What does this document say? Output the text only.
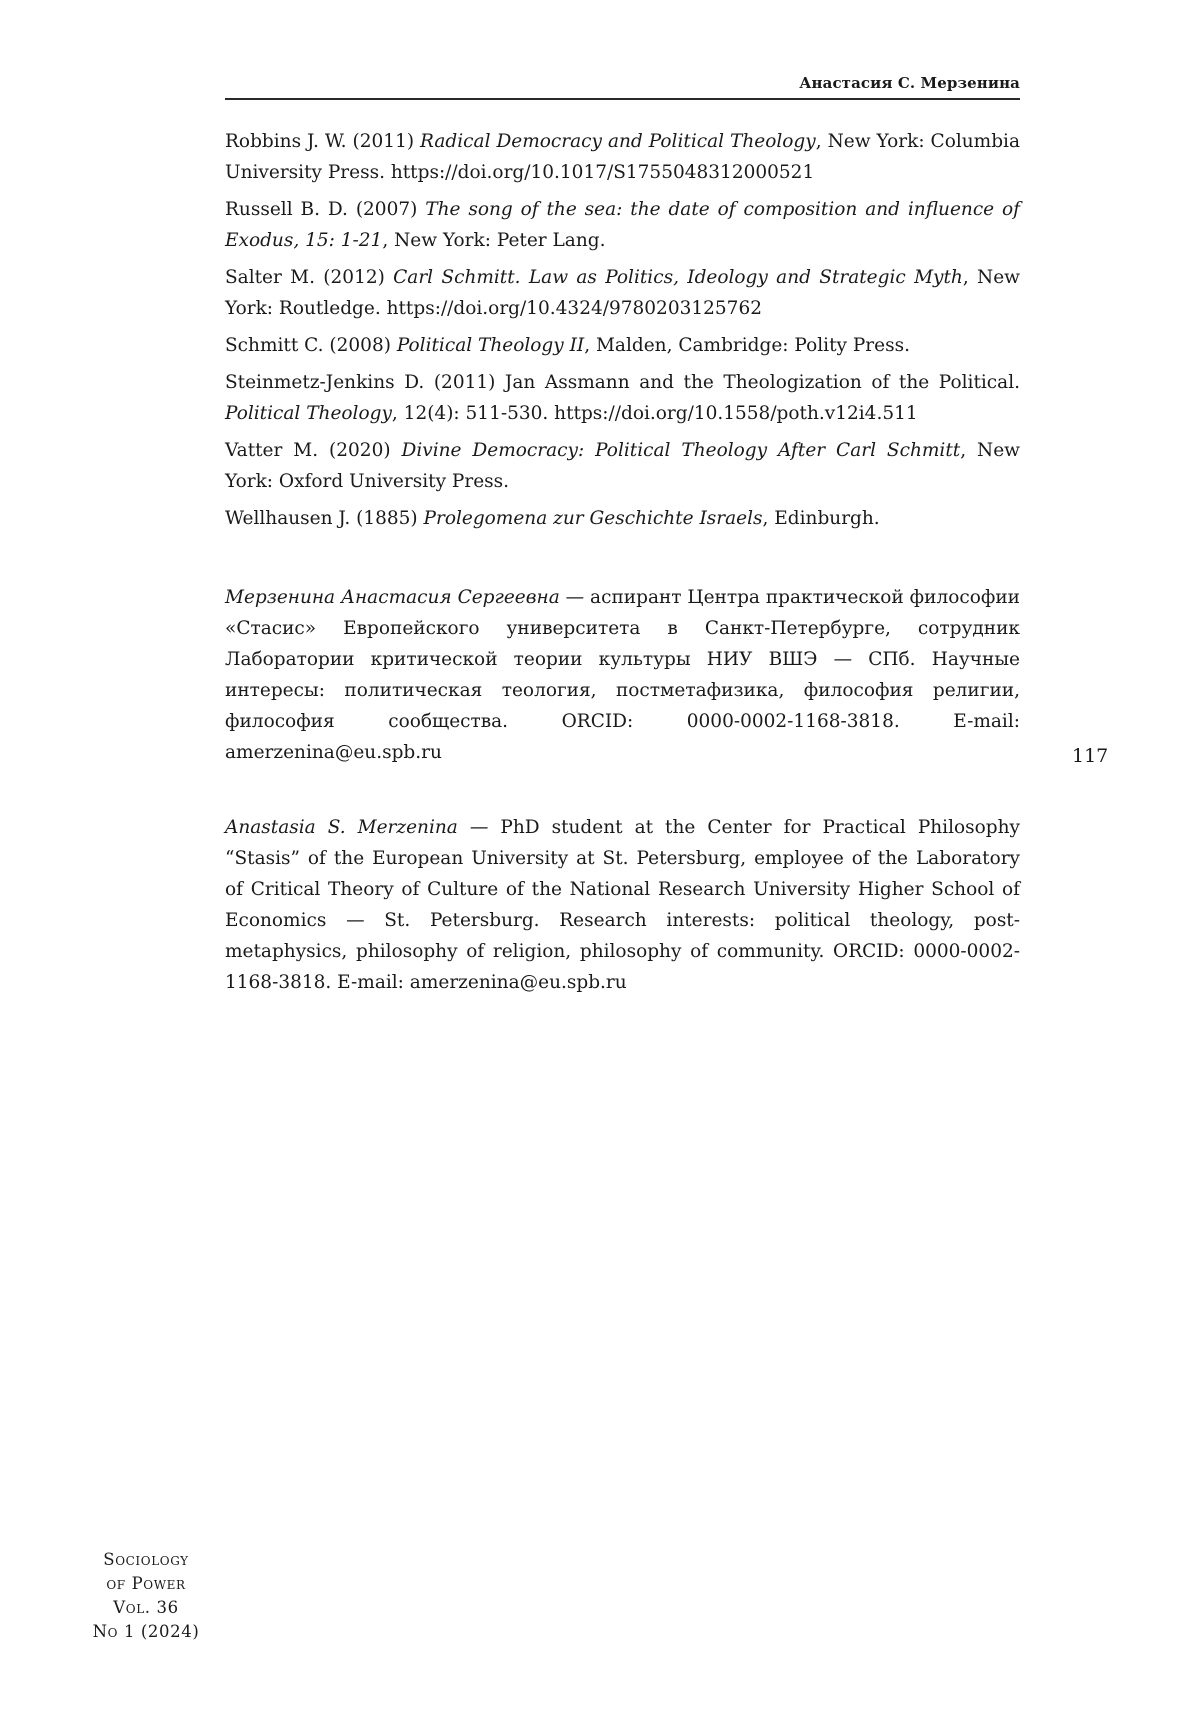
Анастасия С. Мерзенина

Robbins J. W. (2011) Radical Democracy and Political Theology, New York: Columbia University Press. https://doi.org/10.1017/S1755048312000521

Russell B. D. (2007) The song of the sea: the date of composition and influence of Exodus, 15: 1-21, New York: Peter Lang.

Salter M. (2012) Carl Schmitt. Law as Politics, Ideology and Strategic Myth, New York: Routledge. https://doi.org/10.4324/9780203125762

Schmitt C. (2008) Political Theology II, Malden, Cambridge: Polity Press.

Steinmetz-Jenkins D. (2011) Jan Assmann and the Theologization of the Political. Political Theology, 12(4): 511-530. https://doi.org/10.1558/poth.v12i4.511

Vatter M. (2020) Divine Democracy: Political Theology After Carl Schmitt, New York: Oxford University Press.

Wellhausen J. (1885) Prolegomena zur Geschichte Israels, Edinburgh.

Мерзенина Анастасия Сергеевна — аспирант Центра практической философии «Стасис» Европейского университета в Санкт-Петербурге, сотрудник Лаборатории критической теории культуры НИУ ВШЭ — СПб. Научные интересы: политическая теология, постметафизика, философия религии, философия сообщества. ORCID: 0000-0002-1168-3818. E-mail: amerzenina@eu.spb.ru	117

Anastasia S. Merzenina — PhD student at the Center for Practical Philosophy “Stasis” of the European University at St. Petersburg, employee of the Laboratory of Critical Theory of Culture of the National Research University Higher School of Economics — St. Petersburg. Research interests: political theology, post-metaphysics, philosophy of religion, philosophy of community. ORCID: 0000-0002-1168-3818. E-mail: amerzenina@eu.spb.ru

Sociology
of Power
Vol. 36
No 1 (2024)
